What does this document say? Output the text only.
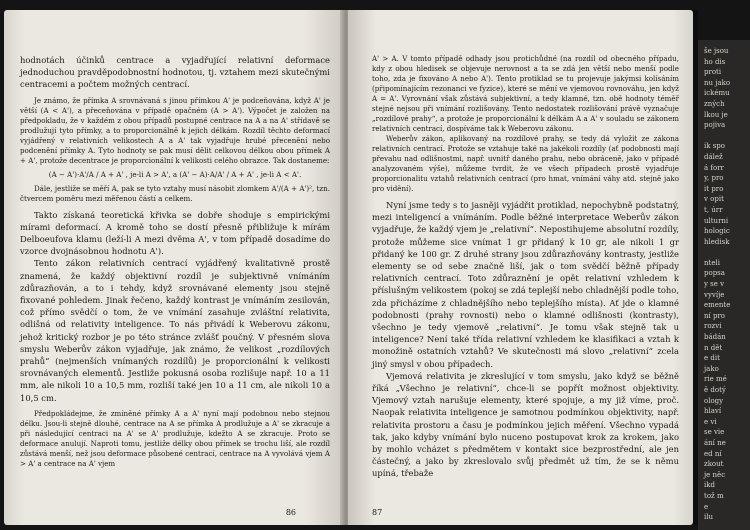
hodnotách účinků centrace a vyjadřující relativní deformace jednoduchou pravděpodobnostní hodnotou, tj. vztahem mezi skutečnými centracemi a počtem možných centrací.

Je známo, že přímka A srovnávaná s jinou přímkou A' je podceňována, když A' je větší (A < A'), a přeceňována v případě opačném (A > A'). Výpočet je založen na předpokladu, že v každém z obou případů postupné centrace na A a na A' střídavě se prodlužují tyto přímky, a to proporcionálně k jejich délkám. Rozdíl těchto deformací vyjádřený v relativních velikostech A a A' tak vyjadřuje hrubé přecenění nebo podcenění přímky A. Tyto hodnoty se pak musí dělit celkovou délkou obou přímek A + A', protože decentrace je proporcionální k velikosti celého obrazce. Tak dostaneme:

(A − A')·A'/A / A + A' , je-li A > A', a (A' − A)·A/A' / A + A' , je-li A < A'.

Dále, jestliže se měří A, pak se tyto vztahy musí násobit zlomkem A'/(A + A')², tzn. čtvercem poměru mezi měřenou částí a celkem.

Takto získaná teoretická křivka se dobře shoduje s empirickými mírami deformací. A kromě toho se dostí přesně přibližuje k mírám Delboeufova klamu (leží-li A mezi dvěma A', v tom případě dosadíme do vzorce dvojnásobnou hodnotu A').

Tento zákon relativních centrací vyjádřený kvalitativně prostě znamená, že každý objektivní rozdíl je subjektivně vnímáním zdůrazňován, a to i tehdy, když srovnávané elementy jsou stejně fixované pohledem. Jinak řečeno, každý kontrast je vnímáním zesilován, což přímo svědčí o tom, že ve vnímání zasahuje zvláštní relativita, odlišná od relativity inteligence. To nás přivádí k Weberovu zákonu, jehož kritický rozbor je po této stránce zvlášť poučný. V přesném slova smyslu Weberův zákon vyjadřuje, jak známo, že velikost „rozdílových prahů“ (nejmenších vnímaných rozdílů) je proporcionální k velikosti srovnávaných elementů. Jestliže pokusná osoba rozlišuje např. 10 a 11 mm, ale nikoli 10 a 10,5 mm, rozliší také jen 10 a 11 cm, ale nikoli 10 a 10,5 cm.

Předpokládejme, že zmíněné přímky A a A' nyní mají podobnou nebo stejnou délku. Jsou-li stejně dlouhé, centrace na A se přímka A prodlužuje a A' se zkracuje a při následující centraci na A' se A' prodlužuje, kdežto A se zkracuje. Proto se deformace anulují. Naproti tomu, jestliže délky obou přímek se trochu liší, ale rozdíl zůstává menší, než jsou deformace působené centrací, centrace na A vyvolává vjem A > A' a centrace na A' vjem

86

A' > A. V tomto případě odhady jsou protichůdné (na rozdíl od obecného případu, kdy z obou hledisek se objevuje nerovnost a ta se zdá jen větší nebo menší podle toho, zda je fixováno A nebo A'). Tento protiklad se tu projevuje jakýmsi kolísáním (připomínajícím rezonanci ve fyzice), které se mění ve vjemovou rovnováhu, jen když A = A'. Vyrovnání však zůstává subjektivní, a tedy klamné, tzn. obě hodnoty téměř stejné nejsou při vnímání rozlišovány. Tento nedostatek rozlišování právě vyznačuje „rozdílové prahy“, a protože je proporcionální k délkám A a A' v souladu se zákonem relativních centrací, dospíváme tak k Weberovu zákonu.

Weberův zákon, aplikovaný na rozdílové prahy, se tedy dá vyložit ze zákona relativních centrací. Protože se vztahuje také na jakékoli rozdíly (ať podobnosti mají převahu nad odlišnostmi, např. uvnitř daného prahu, nebo obráceně, jako v případě analyzovaném výše), můžeme tvrdit, že ve všech případech prostě vyjadřuje proporcionalitu vztahů relativních centrací (pro hmat, vnímání váhy atd. stejně jako pro vidění).

Nyní jsme tedy s to jasněji vyjádřit protiklad, nepochybně podstatný, mezi inteligencí a vnímáním. Podle běžné interpretace Weberův zákon vyjadřuje, že každý vjem je „relativní“. Nepostihujeme absolutní rozdíly, protože můžeme sice vnímat 1 gr přidaný k 10 gr, ale nikoli 1 gr přidaný ke 100 gr. Z druhé strany jsou zdůrazňovány kontrasty, jestliže elementy se od sebe značně liší, jak o tom svědčí běžně případy relativních centrací. Toto zdůraznění je opět relativní vzhledem k příslušným velikostem (pokoj se zdá teplejší nebo chladnější podle toho, zda přicházíme z chladnějšího nebo teplejšího místa). Ať jde o klamné podobnosti (prahy rovnosti) nebo o klamné odlišnosti (kontrasty), všechno je tedy vjemově „relativní“. Je tomu však stejně tak u inteligence? Není také třída relativní vzhledem ke klasifikaci a vztah k monožině ostatních vztahů? Ve skutečnosti má slovo „relativní“ zcela jiný smysl v obou případech.

Vjemová relativita je zkreslující v tom smyslu, jako když se běžně říká „Všechno je relativní“, chce-li se popřít možnost objektivity. Vjemový vztah narušuje elementy, které spojuje, a my již víme, proč. Naopak relativita inteligence je samotnou podmínkou objektivity, např. relativita prostoru a času je podmínkou jejich měření. Všechno vypadá tak, jako kdyby vnímání bylo nuceno postupovat krok za krokem, jako by mohlo vcházet s předmětem v kontakt sice bezprostřední, ale jen částečný, a jako by zkreslovalo svůj předmět už tím, že se k němu upíná, třebaže

87
še jsou
ho dis
proti
nu jako
ickému
zných
lkou je
pojiva

ik spo
dálež
á forr
y, pro
it pro
v opit
t, úrr
ulturni
hologic
hledisk

nteli
popsa
y se v
vyvíje
emente
ní pro
rozvi
bádán
n dět
e dit
jako
rie mé
ě dotý
ology
hlaví
e vi
se vie
ání ne
ed ní
zkout
je něc
ikd
tož m
e
ilu
